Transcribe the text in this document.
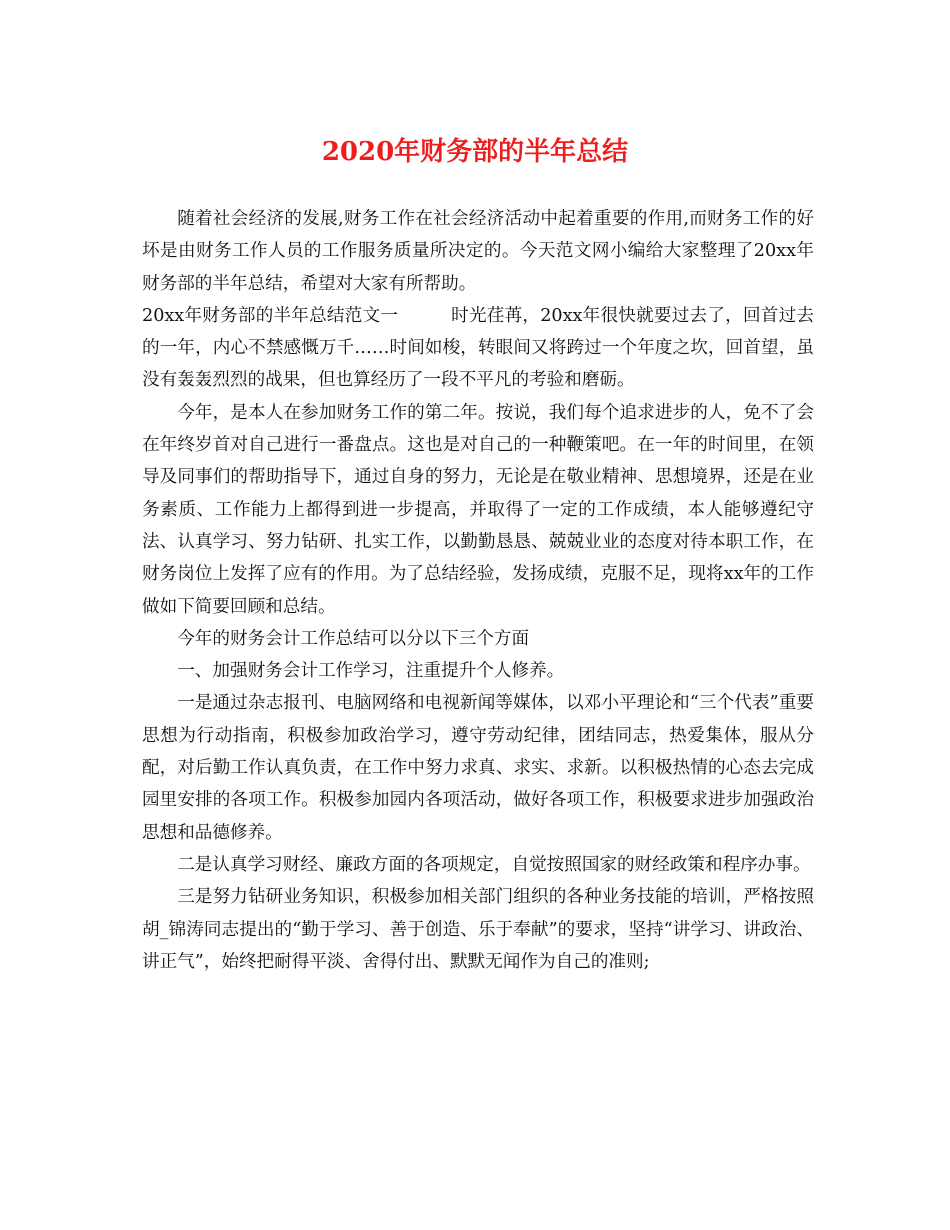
2020年财务部的半年总结

随着社会经济的发展,财务工作在社会经济活动中起着重要的作用,而财务工作的好坏是由财务工作人员的工作服务质量所决定的。今天范文网小编给大家整理了20xx年财务部的半年总结，希望对大家有所帮助。

20xx年财务部的半年总结范文一	时光荏苒，20xx年很快就要过去了，回首过去的一年，内心不禁感慨万千……时间如梭，转眼间又将跨过一个年度之坎，回首望，虽没有轰轰烈烈的战果，但也算经历了一段不平凡的考验和磨砺。

今年，是本人在参加财务工作的第二年。按说，我们每个追求进步的人，免不了会在年终岁首对自己进行一番盘点。这也是对自己的一种鞭策吧。在一年的时间里，在领导及同事们的帮助指导下，通过自身的努力，无论是在敬业精神、思想境界，还是在业务素质、工作能力上都得到进一步提高，并取得了一定的工作成绩，本人能够遵纪守法、认真学习、努力钻研、扎实工作，以勤勤恳恳、兢兢业业的态度对待本职工作，在财务岗位上发挥了应有的作用。为了总结经验，发扬成绩，克服不足，现将xx年的工作做如下简要回顾和总结。

今年的财务会计工作总结可以分以下三个方面

一、加强财务会计工作学习，注重提升个人修养。

一是通过杂志报刊、电脑网络和电视新闻等媒体，以邓小平理论和“三个代表”重要思想为行动指南，积极参加政治学习，遵守劳动纪律，团结同志，热爱集体，服从分配，对后勤工作认真负责，在工作中努力求真、求实、求新。以积极热情的心态去完成园里安排的各项工作。积极参加园内各项活动，做好各项工作，积极要求进步加强政治思想和品德修养。

二是认真学习财经、廉政方面的各项规定，自觉按照国家的财经政策和程序办事。

三是努力钻研业务知识，积极参加相关部门组织的各种业务技能的培训，严格按照胡_锦涛同志提出的“勤于学习、善于创造、乐于奉献”的要求，坚持“讲学习、讲政治、讲正气”，始终把耐得平淡、舍得付出、默默无闻作为自己的准则;
